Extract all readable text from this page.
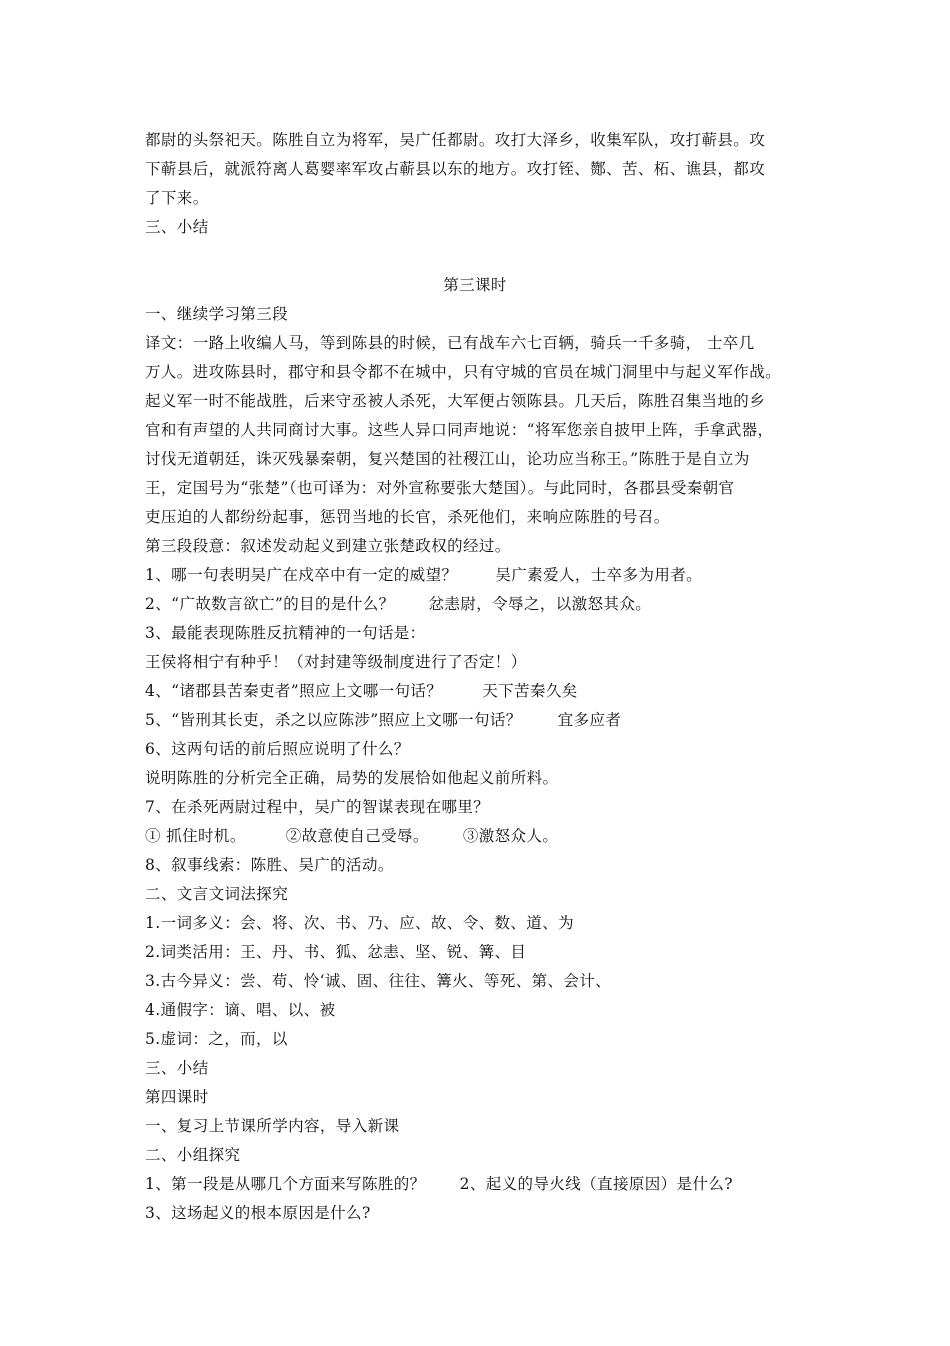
都尉的头祭祀天。陈胜自立为将军，吴广任都尉。攻打大泽乡，收集军队，攻打蕲县。攻
下蕲县后，就派符离人葛婴率军攻占蕲县以东的地方。攻打铚、酂、苦、柘、谯县，都攻
了下来。
三、小结
第三课时
一、继续学习第三段
译文：一路上收编人马，等到陈县的时候，已有战车六七百辆，骑兵一千多骑， 士卒几
万人。进攻陈县时，郡守和县令都不在城中，只有守城的官员在城门洞里中与起义军作战。
起义军一时不能战胜，后来守丞被人杀死，大军便占领陈县。几天后，陈胜召集当地的乡
官和有声望的人共同商讨大事。这些人异口同声地说：“将军您亲自披甲上阵，手拿武器，
讨伐无道朝廷，诛灭残暴秦朝，复兴楚国的社稷江山，论功应当称王。”陈胜于是自立为
王，定国号为“张楚”（也可译为：对外宣称要张大楚国）。与此同时，各郡县受秦朝官
吏压迫的人都纷纷起事，惩罚当地的长官，杀死他们，来响应陈胜的号召。
第三段段意：叙述发动起义到建立张楚政权的经过。
1、哪一句表明吴广在戍卒中有一定的威望？ 吴广素爱人，士卒多为用者。
2、“广故数言欲亡”的目的是什么？ 忿恚尉，令辱之，以激怒其众。
3、最能表现陈胜反抗精神的一句话是：
王侯将相宁有种乎！（对封建等级制度进行了否定！）
4、“诸郡县苦秦吏者”照应上文哪一句话？	天下苦秦久矣
5、“皆刑其长吏，杀之以应陈涉”照应上文哪一句话？ 宜多应者
6、这两句话的前后照应说明了什么？
说明陈胜的分析完全正确，局势的发展恰如他起义前所料。
7、在杀死两尉过程中，吴广的智谋表现在哪里？
① 抓住时机。	②故意使自己受辱。 ③激怒众人。
8、叙事线索：陈胜、吴广的活动。
二、文言文词法探究
1.一词多义：会、将、次、书、乃、应、故、令、数、道、为
2.词类活用：王、丹、书、狐、忿恚、坚、锐、篝、目
3.古今异义：尝、苟、怜‘诚、固、往往、篝火、等死、第、会计、
4.通假字：谪、唱、以、被
5.虚词：之，而，以
三、小结
第四课时
一、复习上节课所学内容，导入新课
二、小组探究
1、第一段是从哪几个方面来写陈胜的？ 2、起义的导火线（直接原因）是什么?
3、这场起义的根本原因是什么?
